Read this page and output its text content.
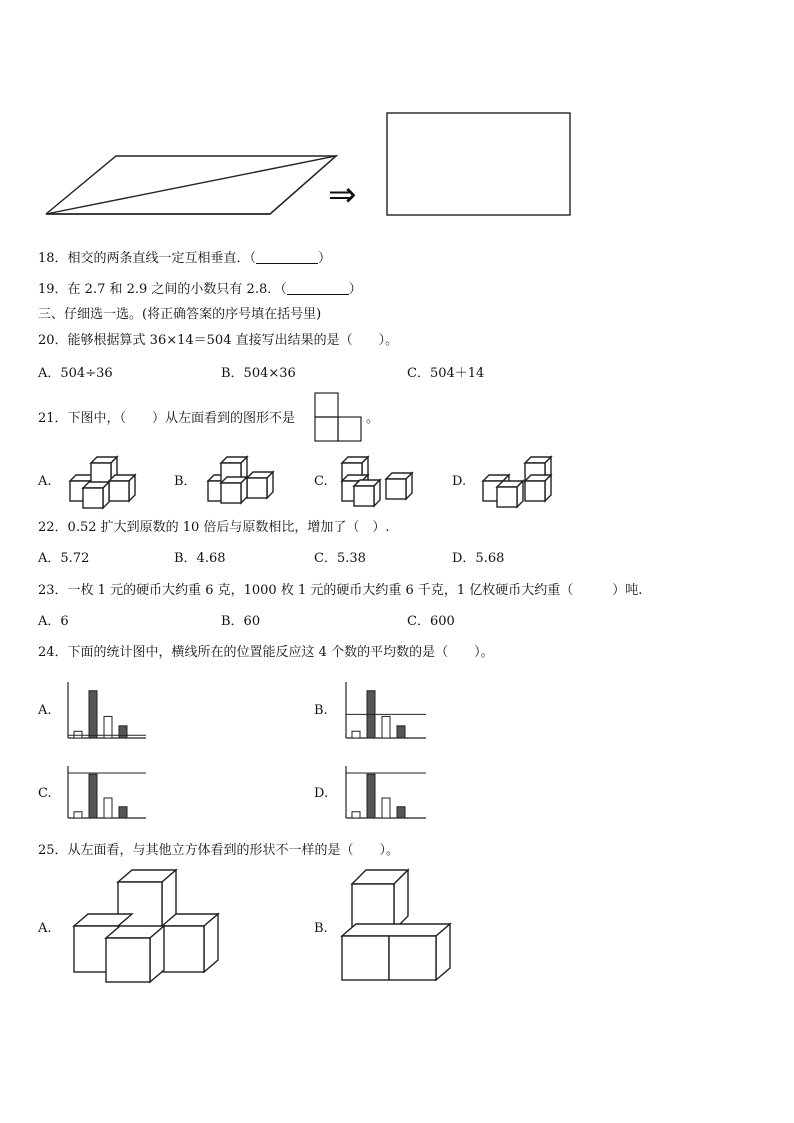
⇒
18．相交的两条直线一定互相垂直．（	）
19．在 2.7 和 2.9 之间的小数只有 2.8．（	）
三、仔细选一选。(将正确答案的序号填在括号里)
20．能够根据算式 36×14＝504 直接写出结果的是（　　）。
A．504÷36	B．504×36	C．504＋14
21．下图中，（　　）从左面看到的图形不是	。
A.	B．	C.	D.
22．0.52 扩大到原数的 10 倍后与原数相比，增加了（　）.
A．5.72	B．4.68	C．5.38	D．5.68
23．一枚 1 元的硬币大约重 6 克，1000 枚 1 元的硬币大约重 6 千克，1 亿枚硬币大约重（　　　）吨.
A．6	B．60	C．600
24．下面的统计图中，横线所在的位置能反应这 4 个数的平均数的是（　　）。
A.	B.
C.	D.
25．从左面看，与其他立方体看到的形状不一样的是（　　）。
A.	B.
